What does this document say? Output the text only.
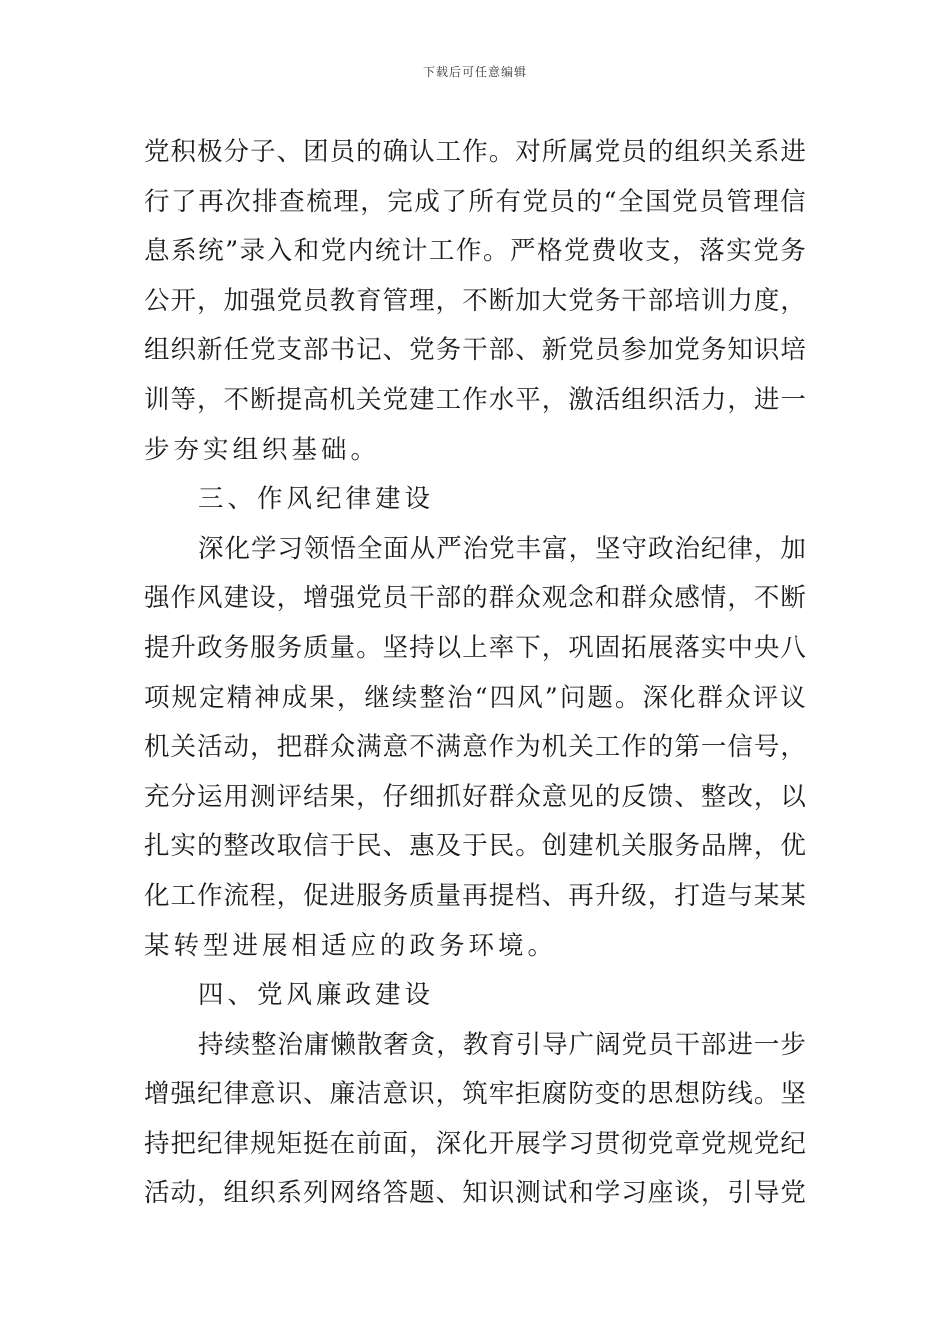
下载后可任意编辑
党 积 极 分 子 、 团 员 的 确 认 工 作 。 对 所 属 党 员 的 组 织 关 系 进
行 了 再 次 排 查 梳 理 ， 完 成 了 所 有 党 员 的 “ 全 国 党 员 管 理 信
息 系 统 ” 录 入 和 党 内 统 计 工 作 。 严 格 党 费 收 支 ， 落 实 党 务
公 开 ， 加 强 党 员 教 育 管 理 ， 不 断 加 大 党 务 干 部 培 训 力 度 ，
组 织 新 任 党 支 部 书 记 、 党 务 干 部 、 新 党 员 参 加 党 务 知 识 培
训 等 ， 不 断 提 高 机 关 党 建 工 作 水 平 ， 激 活 组 织 活 力 ， 进 一
步夯实组织基础。
三、作风纪律建设
深 化 学 习 领 悟 全 面 从 严 治 党 丰 富 ， 坚 守 政 治 纪 律 ， 加
强 作 风 建 设 ， 增 强 党 员 干 部 的 群 众 观 念 和 群 众 感 情 ， 不 断
提 升 政 务 服 务 质 量 。 坚 持 以 上 率 下 ， 巩 固 拓 展 落 实 中 央 八
项 规 定 精 神 成 果 ， 继 续 整 治 “ 四 风 ” 问 题 。 深 化 群 众 评 议
机 关 活 动 ， 把 群 众 满 意 不 满 意 作 为 机 关 工 作 的 第 一 信 号 ，
充 分 运 用 测 评 结 果 ， 仔 细 抓 好 群 众 意 见 的 反 馈 、 整 改 ， 以
扎 实 的 整 改 取 信 于 民 、 惠 及 于 民 。 创 建 机 关 服 务 品 牌 ， 优
化 工 作 流 程 ， 促 进 服 务 质 量 再 提 档 、 再 升 级 ， 打 造 与 某 某
某转型进展相适应的政务环境。
四、党风廉政建设
持 续 整 治 庸 懒 散 奢 贪 ， 教 育 引 导 广 阔 党 员 干 部 进 一 步
增 强 纪 律 意 识 、 廉 洁 意 识 ， 筑 牢 拒 腐 防 变 的 思 想 防 线 。 坚
持 把 纪 律 规 矩 挺 在 前 面 ， 深 化 开 展 学 习 贯 彻 党 章 党 规 党 纪
活 动 ， 组 织 系 列 网 络 答 题 、 知 识 测 试 和 学 习 座 谈 ， 引 导 党
